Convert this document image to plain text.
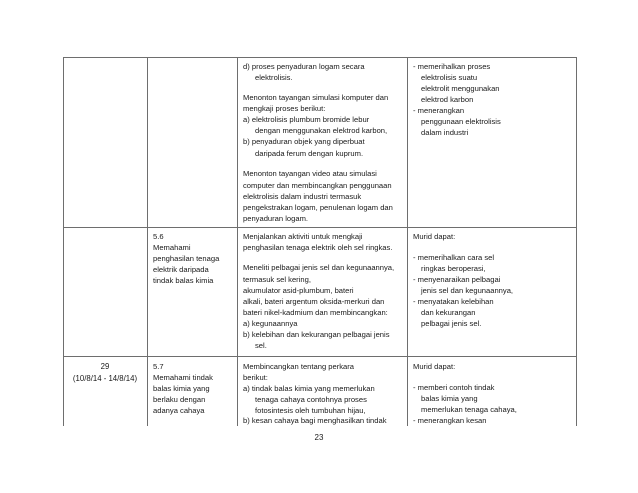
d) proses penyaduran logam secara
elektrolisis.
Menonton tayangan simulasi komputer dan
mengkaji proses berikut:
a) elektrolisis plumbum bromide lebur
dengan menggunakan elektrod karbon,
b) penyaduran objek yang diperbuat
daripada ferum dengan kuprum.
Menonton tayangan video atau simulasi
computer dan membincangkan penggunaan
elektrolisis dalam industri termasuk
pengekstrakan logam, penulenan logam dan
penyaduran logam.
- memerihalkan proses
elektrolisis suatu
elektrolit menggunakan
elektrod karbon
- menerangkan
penggunaan elektrolisis
dalam industri
5.6
Memahami
penghasilan tenaga
elektrik daripada
tindak balas kimia
Menjalankan aktiviti untuk mengkaji
penghasilan tenaga elektrik oleh sel ringkas.
Meneliti pelbagai jenis sel dan kegunaannya,
termasuk sel kering,
akumulator asid-plumbum, bateri
alkali, bateri argentum oksida-merkuri dan
bateri nikel-kadmium dan membincangkan:
a) kegunaannya
b) kelebihan dan kekurangan pelbagai jenis
sel.
Murid dapat:
- memerihalkan cara sel
ringkas beroperasi,
- menyenaraikan pelbagai
jenis sel dan kegunaannya,
- menyatakan kelebihan
dan kekurangan
pelbagai jenis sel.
29
(10/8/14 - 14/8/14)
5.7
Memahami tindak
balas kimia yang
berlaku dengan
adanya cahaya
Membincangkan tentang perkara
berikut:
a) tindak balas kimia yang memerlukan
tenaga cahaya contohnya proses
fotosintesis oleh tumbuhan hijau,
b) kesan cahaya bagi menghasilkan tindak
Murid dapat:
- memberi contoh tindak
balas kimia yang
memerlukan tenaga cahaya,
- menerangkan kesan
23
